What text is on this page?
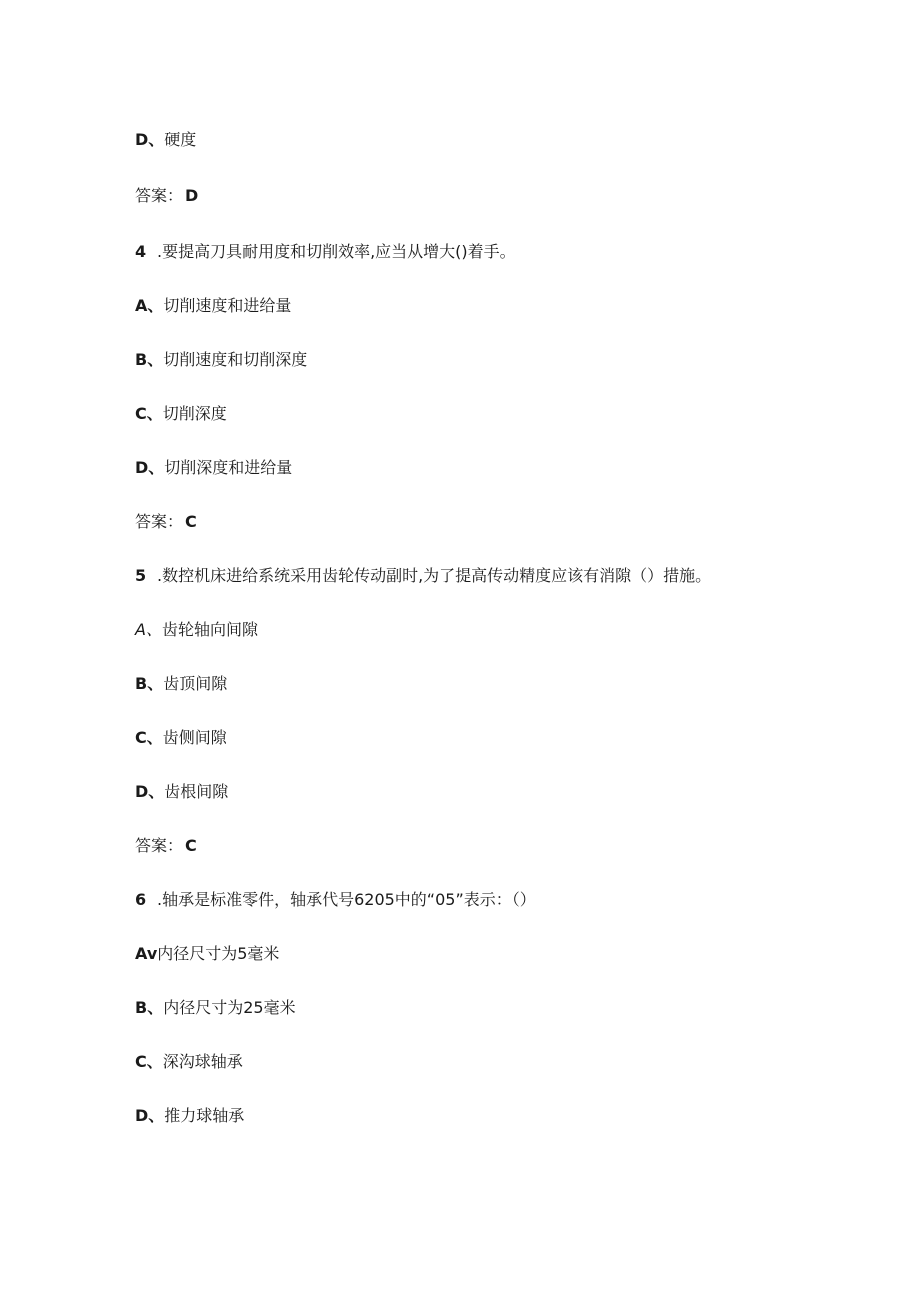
D、硬度
答案： D
4 .要提高刀具耐用度和切削效率,应当从增大()着手。
A、切削速度和进给量
B、切削速度和切削深度
C、切削深度
D、切削深度和进给量
答案： C
5 .数控机床进给系统采用齿轮传动副时,为了提高传动精度应该有消隙（）措施。
A、齿轮轴向间隙
B、齿顶间隙
C、齿侧间隙
D、齿根间隙
答案： C
6 .轴承是标准零件，轴承代号6205中的“05”表示：（）
Av内径尺寸为5毫米
B、内径尺寸为25毫米
C、深沟球轴承
D、推力球轴承
